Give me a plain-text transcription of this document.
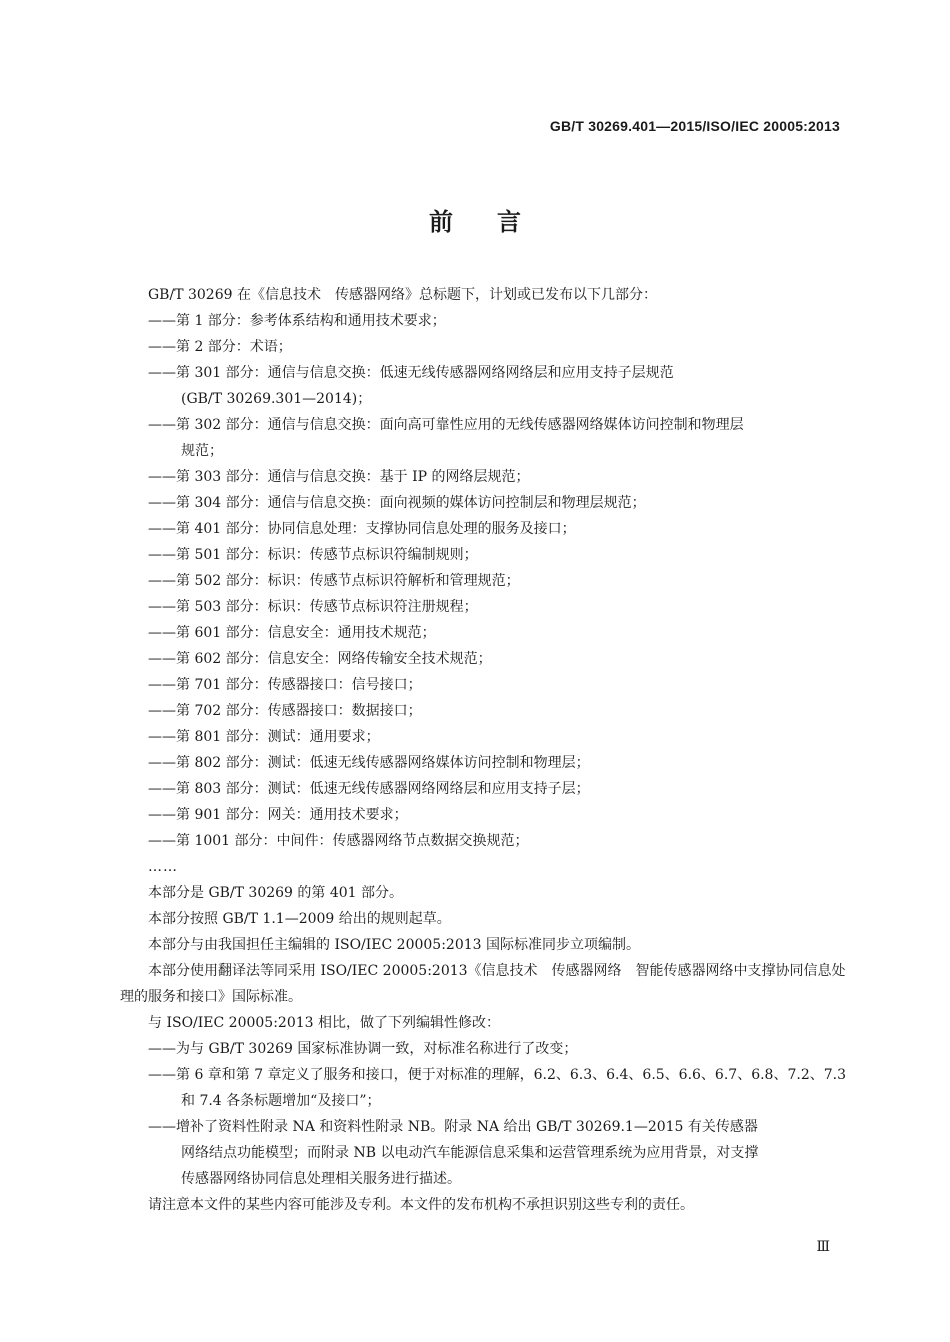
GB/T 30269.401—2015/ISO/IEC 20005:2013
前言
GB/T 30269 在《信息技术　传感器网络》总标题下，计划或已发布以下几部分：
——第 1 部分：参考体系结构和通用技术要求；
——第 2 部分：术语；
——第 301 部分：通信与信息交换：低速无线传感器网络网络层和应用支持子层规范
(GB/T 30269.301—2014)；
——第 302 部分：通信与信息交换：面向高可靠性应用的无线传感器网络媒体访问控制和物理层
规范；
——第 303 部分：通信与信息交换：基于 IP 的网络层规范；
——第 304 部分：通信与信息交换：面向视频的媒体访问控制层和物理层规范；
——第 401 部分：协同信息处理：支撑协同信息处理的服务及接口；
——第 501 部分：标识：传感节点标识符编制规则；
——第 502 部分：标识：传感节点标识符解析和管理规范；
——第 503 部分：标识：传感节点标识符注册规程；
——第 601 部分：信息安全：通用技术规范；
——第 602 部分：信息安全：网络传输安全技术规范；
——第 701 部分：传感器接口：信号接口；
——第 702 部分：传感器接口：数据接口；
——第 801 部分：测试：通用要求；
——第 802 部分：测试：低速无线传感器网络媒体访问控制和物理层；
——第 803 部分：测试：低速无线传感器网络网络层和应用支持子层；
——第 901 部分：网关：通用技术要求；
——第 1001 部分：中间件：传感器网络节点数据交换规范；
……
本部分是 GB/T 30269 的第 401 部分。
本部分按照 GB/T 1.1—2009 给出的规则起草。
本部分与由我国担任主编辑的 ISO/IEC 20005:2013 国际标准同步立项编制。
本部分使用翻译法等同采用 ISO/IEC 20005:2013《信息技术　传感器网络　智能传感器网络中支撑协同信息处理的服务和接口》国际标准。
与 ISO/IEC 20005:2013 相比，做了下列编辑性修改：
——为与 GB/T 30269 国家标准协调一致，对标准名称进行了改变；
——第 6 章和第 7 章定义了服务和接口，便于对标准的理解，6.2、6.3、6.4、6.5、6.6、6.7、6.8、7.2、7.3
和 7.4 各条标题增加“及接口”；
——增补了资料性附录 NA 和资料性附录 NB。附录 NA 给出 GB/T 30269.1—2015 有关传感器
网络结点功能模型；而附录 NB 以电动汽车能源信息采集和运营管理系统为应用背景，对支撑
传感器网络协同信息处理相关服务进行描述。
请注意本文件的某些内容可能涉及专利。本文件的发布机构不承担识别这些专利的责任。
Ⅲ
